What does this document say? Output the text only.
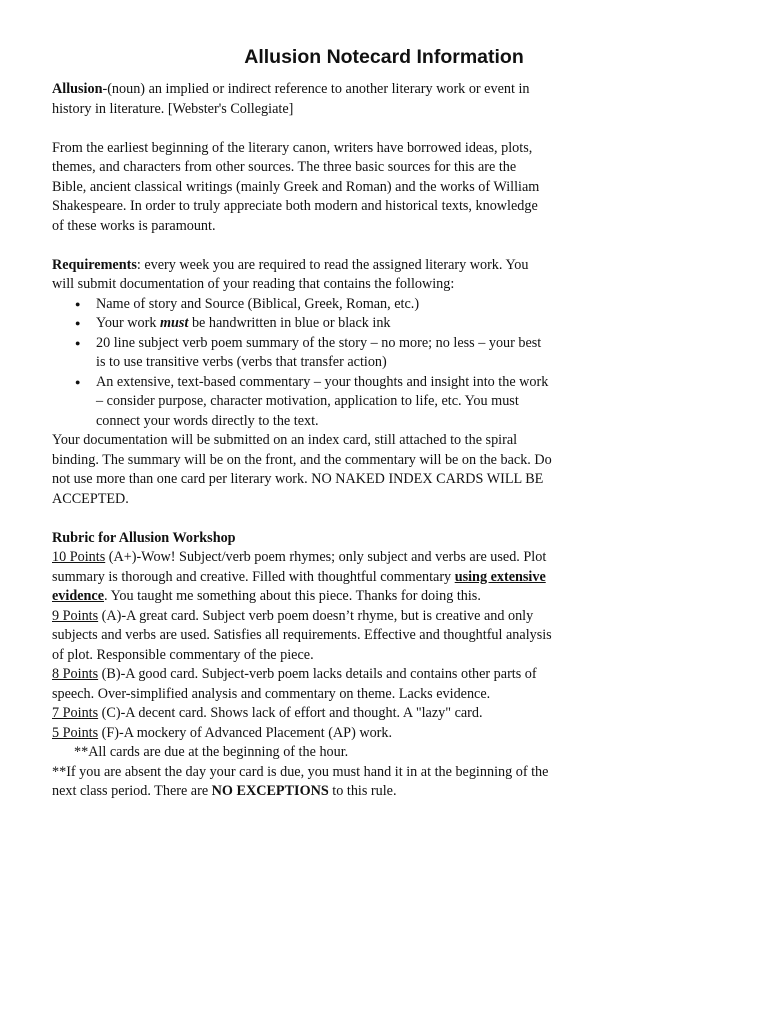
Allusion Notecard Information

Allusion-(noun) an implied or indirect reference to another literary work or event in history in literature. [Webster's Collegiate]

From the earliest beginning of the literary canon, writers have borrowed ideas, plots, themes, and characters from other sources. The three basic sources for this are the Bible, ancient classical writings (mainly Greek and Roman) and the works of William Shakespeare. In order to truly appreciate both modern and historical texts, knowledge of these works is paramount.

Requirements: every week you are required to read the assigned literary work. You will submit documentation of your reading that contains the following:

● Name of story and Source (Biblical, Greek, Roman, etc.)
● Your work must be handwritten in blue or black ink
● 20 line subject verb poem summary of the story – no more; no less – your best is to use transitive verbs (verbs that transfer action)
● An extensive, text-based commentary – your thoughts and insight into the work – consider purpose, character motivation, application to life, etc. You must connect your words directly to the text.

Your documentation will be submitted on an index card, still attached to the spiral binding. The summary will be on the front, and the commentary will be on the back. Do not use more than one card per literary work. NO NAKED INDEX CARDS WILL BE ACCEPTED.

Rubric for Allusion Workshop

10 Points (A+)-Wow! Subject/verb poem rhymes; only subject and verbs are used. Plot summary is thorough and creative. Filled with thoughtful commentary using extensive evidence. You taught me something about this piece. Thanks for doing this.

9 Points (A)-A great card. Subject verb poem doesn’t rhyme, but is creative and only subjects and verbs are used. Satisfies all requirements. Effective and thoughtful analysis of plot. Responsible commentary of the piece.

8 Points (B)-A good card. Subject-verb poem lacks details and contains other parts of speech. Over-simplified analysis and commentary on theme. Lacks evidence.

7 Points (C)-A decent card. Shows lack of effort and thought. A "lazy" card.

5 Points (F)-A mockery of Advanced Placement (AP) work.

**All cards are due at the beginning of the hour.

**If you are absent the day your card is due, you must hand it in at the beginning of the next class period. There are NO EXCEPTIONS to this rule.
